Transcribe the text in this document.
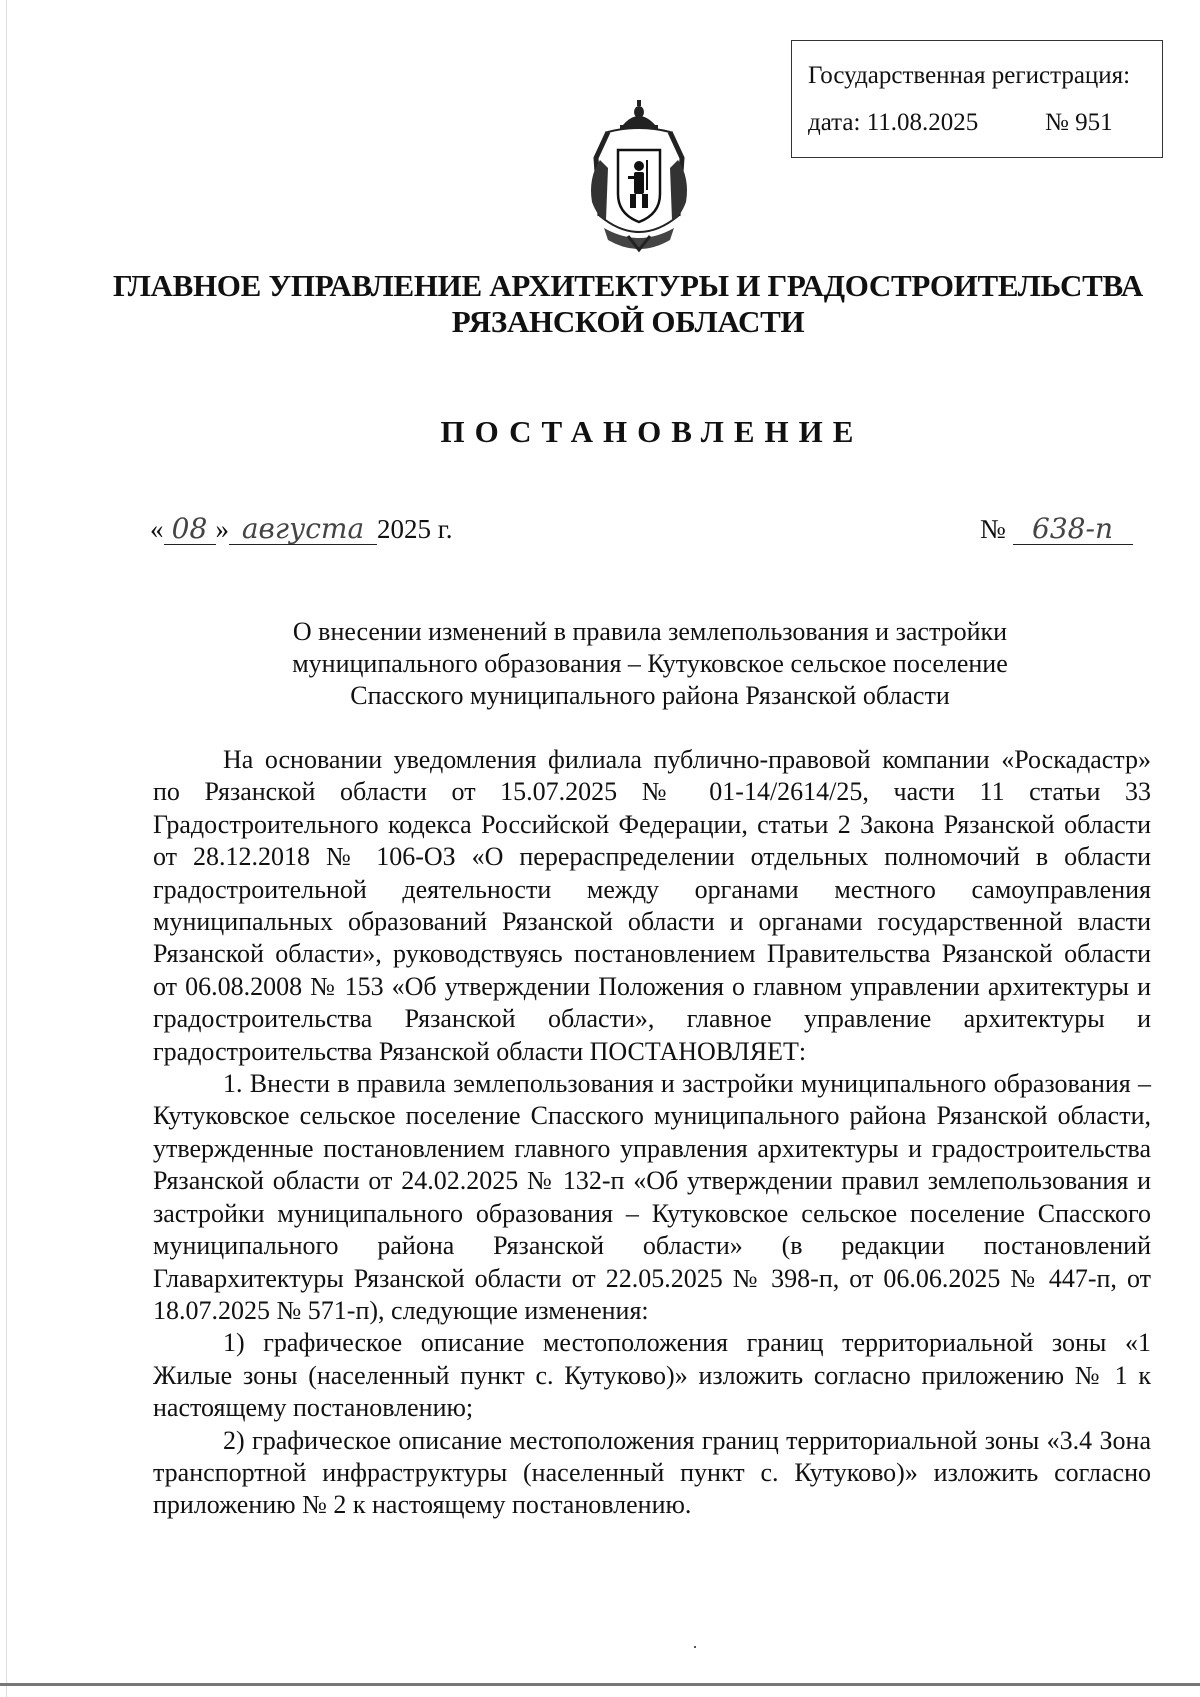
Государственная регистрация:
дата: 11.08.2025	№ 951
ГЛАВНОЕ УПРАВЛЕНИЕ АРХИТЕКТУРЫ И ГРАДОСТРОИТЕЛЬСТВА
РЯЗАНСКОЙ ОБЛАСТИ
ПОСТАНОВЛЕНИЕ
« 08 » августа 2025 г.	№ 638-п
О внесении изменений в правила землепользования и застройки
муниципального образования – Кутуковское сельское поселение
Спасского муниципального района Рязанской области

На основании уведомления филиала публично-правовой компании «Роскадастр» по Рязанской области от 15.07.2025 № 01-14/2614/25, части 11 статьи 33 Градостроительного кодекса Российской Федерации, статьи 2 Закона Рязанской области от 28.12.2018 № 106-ОЗ «О перераспределении отдельных полномочий в области градостроительной деятельности между органами местного самоуправления муниципальных образований Рязанской области и органами государственной власти Рязанской области», руководствуясь постановлением Правительства Рязанской области от 06.08.2008 № 153 «Об утверждении Положения о главном управлении архитектуры и градостроительства Рязанской области», главное управление архитектуры и градостроительства Рязанской области ПОСТАНОВЛЯЕТ:

1. Внести в правила землепользования и застройки муниципального образования – Кутуковское сельское поселение Спасского муниципального района Рязанской области, утвержденные постановлением главного управления архитектуры и градостроительства Рязанской области от 24.02.2025 № 132-п «Об утверждении правил землепользования и застройки муниципального образования – Кутуковское сельское поселение Спасского муниципального района Рязанской области» (в редакции постановлений Главархитектуры Рязанской области от 22.05.2025 № 398-п, от 06.06.2025 № 447-п, от 18.07.2025 № 571-п), следующие изменения:

1) графическое описание местоположения границ территориальной зоны «1 Жилые зоны (населенный пункт с. Кутуково)» изложить согласно приложению № 1 к настоящему постановлению;

2) графическое описание местоположения границ территориальной зоны «3.4 Зона транспортной инфраструктуры (населенный пункт с. Кутуково)» изложить согласно приложению № 2 к настоящему постановлению.
